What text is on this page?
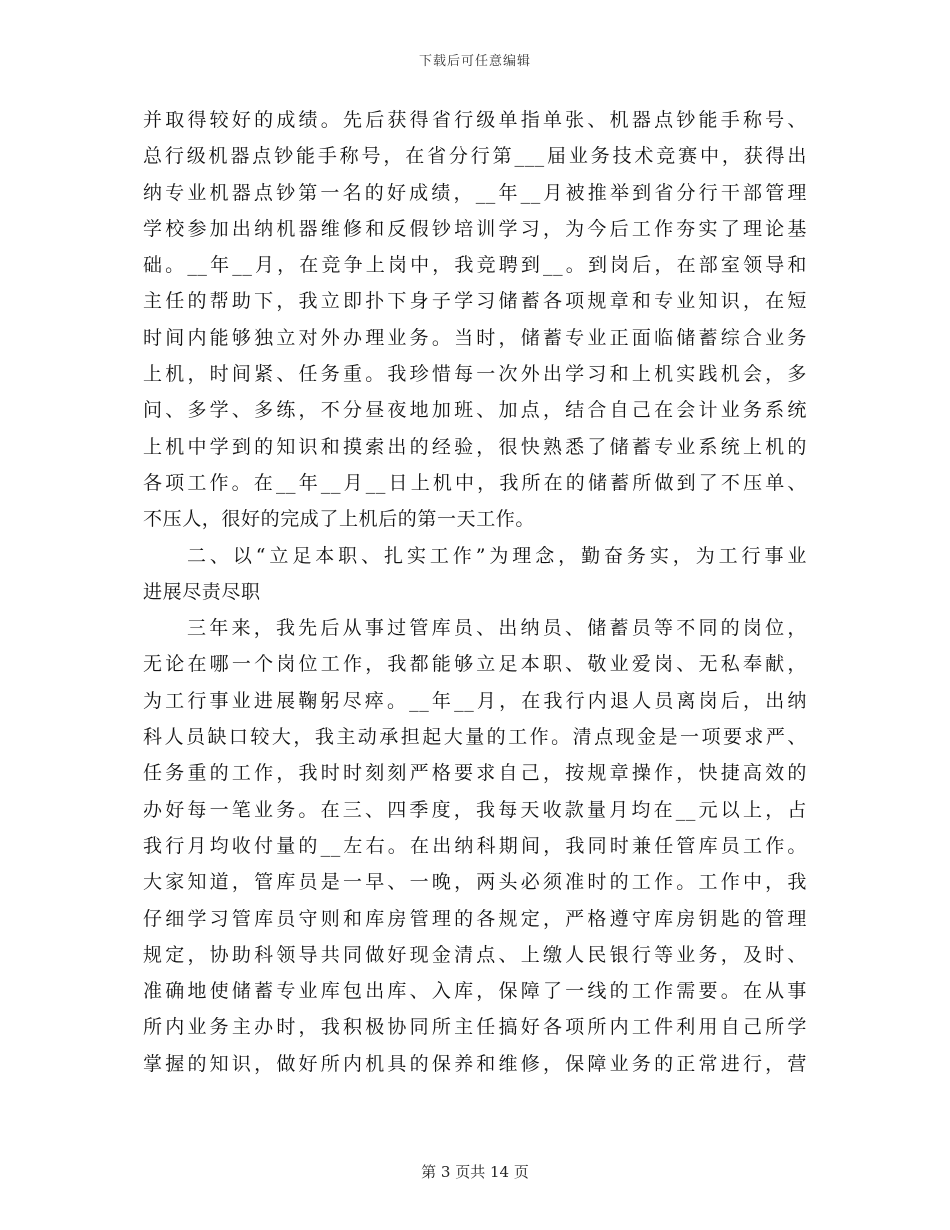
下载后可任意编辑
并取得较好的成绩。先后获得省行级单指单张、机器点钞能手称号、
总行级机器点钞能手称号，在省分行第___届业务技术竞赛中，获得出
纳专业机器点钞第一名的好成绩，__年__月被推举到省分行干部管理
学校参加出纳机器维修和反假钞培训学习，为今后工作夯实了理论基
础。__年__月，在竞争上岗中，我竞聘到__。到岗后，在部室领导和
主任的帮助下，我立即扑下身子学习储蓄各项规章和专业知识，在短
时间内能够独立对外办理业务。当时，储蓄专业正面临储蓄综合业务
上机，时间紧、任务重。我珍惜每一次外出学习和上机实践机会，多
问、多学、多练，不分昼夜地加班、加点，结合自己在会计业务系统
上机中学到的知识和摸索出的经验，很快熟悉了储蓄专业系统上机的
各项工作。在__年__月__日上机中，我所在的储蓄所做到了不压单、
不压人，很好的完成了上机后的第一天工作。
二、以“立足本职、扎实工作”为理念，勤奋务实，为工行事业
进展尽责尽职
三年来，我先后从事过管库员、出纳员、储蓄员等不同的岗位，
无论在哪一个岗位工作，我都能够立足本职、敬业爱岗、无私奉献，
为工行事业进展鞠躬尽瘁。__年__月，在我行内退人员离岗后，出纳
科人员缺口较大，我主动承担起大量的工作。清点现金是一项要求严、
任务重的工作，我时时刻刻严格要求自己，按规章操作，快捷高效的
办好每一笔业务。在三、四季度，我每天收款量月均在__元以上，占
我行月均收付量的__左右。在出纳科期间，我同时兼任管库员工作。
大家知道，管库员是一早、一晚，两头必须准时的工作。工作中，我
仔细学习管库员守则和库房管理的各规定，严格遵守库房钥匙的管理
规定，协助科领导共同做好现金清点、上缴人民银行等业务，及时、
准确地使储蓄专业库包出库、入库，保障了一线的工作需要。在从事
所内业务主办时，我积极协同所主任搞好各项所内工件利用自己所学
掌握的知识，做好所内机具的保养和维修，保障业务的正常进行，营
第 3 页共 14 页
